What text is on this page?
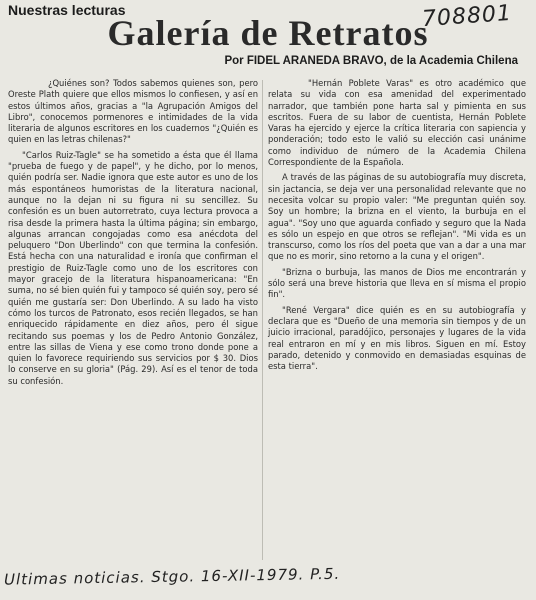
Nuestras lecturas	708801
Galería de Retratos
Por FIDEL ARANEDA BRAVO, de la Academia Chilena

¿Quiénes son? Todos sabemos quienes son, pero Oreste Plath quiere que ellos mismos lo confiesen, y así en estos últimos años, gracias a "la Agrupación Amigos del Libro", conocemos pormenores e intimidades de la vida literaria de algunos escritores en los cuadernos "¿Quién es quien en las letras chilenas?"

"Carlos Ruiz-Tagle" se ha sometido a ésta que él llama "prueba de fuego y de papel", y he dicho, por lo menos, quién podría ser. Nadie ignora que este autor es uno de los más espontáneos humoristas de la literatura nacional, aunque no la dejan ni su figura ni su sencillez. Su confesión es un buen autorretrato, cuya lectura provoca a risa desde la primera hasta la última página; sin embargo, algunas arrancan congojadas como esa anécdota del peluquero "Don Uberlindo" con que termina la confesión. Está hecha con una naturalidad e ironía que confirman el prestigio de Ruiz-Tagle como uno de los escritores con mayor gracejo de la literatura hispanoamericana: "En suma, no sé bien quién fui y tampoco sé quién soy, pero sé quién me gustaría ser: Don Uberlindo. A su lado ha visto cómo los turcos de Patronato, esos recién llegados, se han enriquecido rápidamente en diez años, pero él sigue recitando sus poemas y los de Pedro Antonio González, entre las sillas de Viena y ese como trono donde pone a quien lo favorece requiriendo sus servicios por $ 30. Dios lo conserve en su gloria" (Pág. 29). Así es el tenor de toda su confesión.

"Hernán Poblete Varas" es otro académico que relata su vida con esa amenidad del experimentado narrador, que también pone harta sal y pimienta en sus escritos. Fuera de su labor de cuentista, Hernán Poblete Varas ha ejercido y ejerce la crítica literaria con sapiencia y ponderación; todo esto le valió su elección casi unánime como individuo de número de la Academia Chilena Correspondiente de la Española.

A través de las páginas de su autobiografía muy discreta, sin jactancia, se deja ver una personalidad relevante que no necesita volcar su propio valer: "Me preguntan quién soy. Soy un hombre; la brizna en el viento, la burbuja en el agua". "Soy uno que aguarda confiado y seguro que la Nada es sólo un espejo en que otros se reflejan". "Mi vida es un transcurso, como los ríos del poeta que van a dar a una mar que no es morir, sino retorno a la cuna y el origen".

"Brizna o burbuja, las manos de Dios me encontrarán y sólo será una breve historia que lleva en sí misma el propio fin".

"René Vergara" dice quién es en su autobiografía y declara que es "Dueño de una memoria sin tiempos y de un juicio irracional, paradójico, personajes y lugares de la vida real entraron en mí y en mis libros. Siguen en mí. Estoy parado, detenido y conmovido en demasiadas esquinas de esta tierra".

Ultimas noticias. Stgo. 16-XII-1979. P.5.
